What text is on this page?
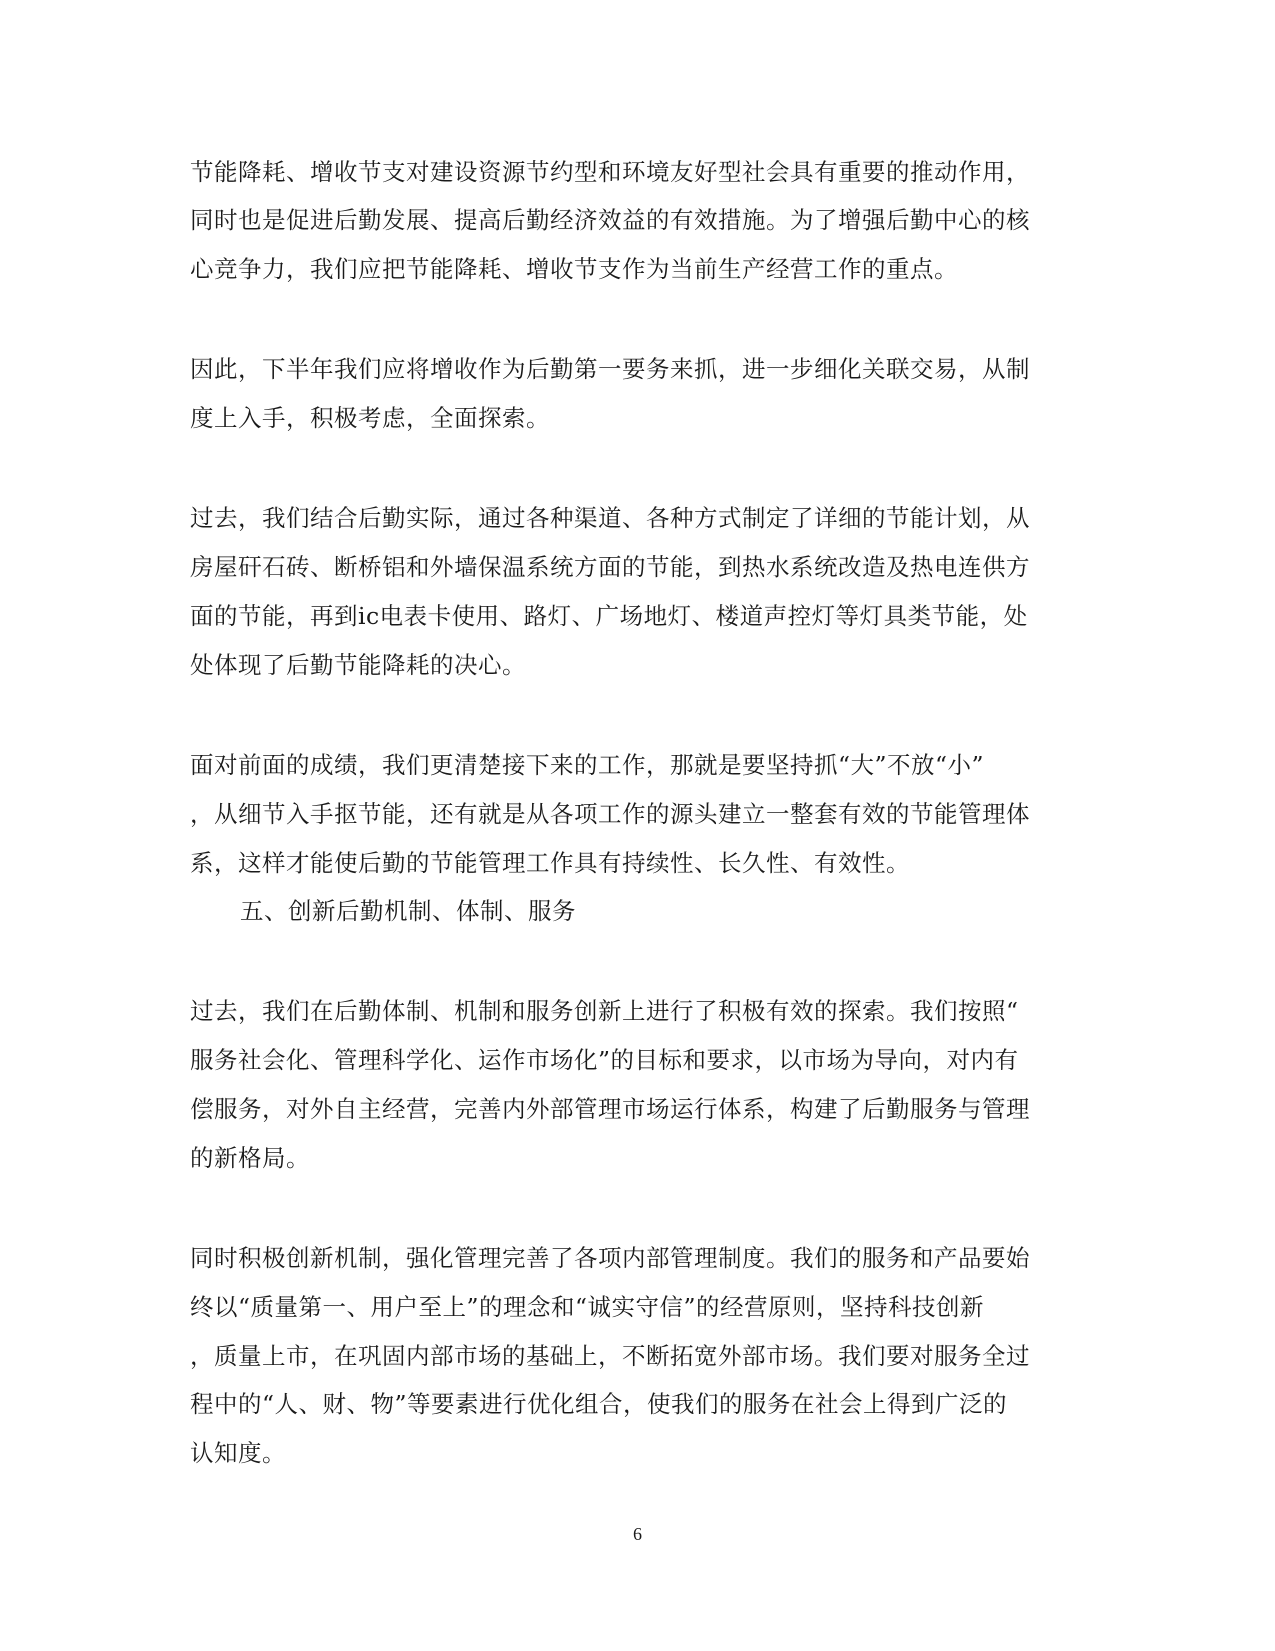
节能降耗、增收节支对建设资源节约型和环境友好型社会具有重要的推动作用，
同时也是促进后勤发展、提高后勤经济效益的有效措施。为了增强后勤中心的核
心竞争力，我们应把节能降耗、增收节支作为当前生产经营工作的重点。
因此，下半年我们应将增收作为后勤第一要务来抓，进一步细化关联交易，从制
度上入手，积极考虑，全面探索。
过去，我们结合后勤实际，通过各种渠道、各种方式制定了详细的节能计划，从
房屋矸石砖、断桥铝和外墙保温系统方面的节能，到热水系统改造及热电连供方
面的节能，再到ic电表卡使用、路灯、广场地灯、楼道声控灯等灯具类节能，处
处体现了后勤节能降耗的决心。
面对前面的成绩，我们更清楚接下来的工作，那就是要坚持抓“大”不放“小”
，从细节入手抠节能，还有就是从各项工作的源头建立一整套有效的节能管理体
系，这样才能使后勤的节能管理工作具有持续性、长久性、有效性。
五、创新后勤机制、体制、服务
过去，我们在后勤体制、机制和服务创新上进行了积极有效的探索。我们按照“
服务社会化、管理科学化、运作市场化”的目标和要求，以市场为导向，对内有
偿服务，对外自主经营，完善内外部管理市场运行体系，构建了后勤服务与管理
的新格局。
同时积极创新机制，强化管理完善了各项内部管理制度。我们的服务和产品要始
终以“质量第一、用户至上”的理念和“诚实守信”的经营原则，坚持科技创新
，质量上市，在巩固内部市场的基础上，不断拓宽外部市场。我们要对服务全过
程中的“人、财、物”等要素进行优化组合，使我们的服务在社会上得到广泛的
认知度。
6
